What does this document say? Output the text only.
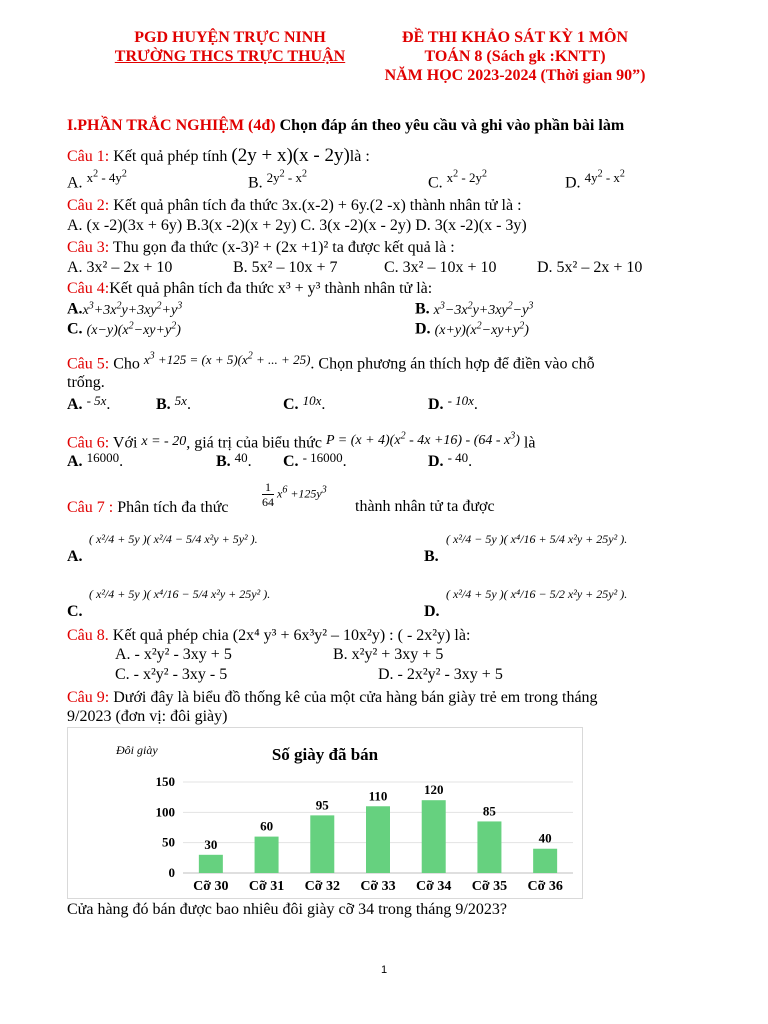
PGD HUYỆN TRỰC NINH
TRƯỜNG THCS TRỰC THUẬN
ĐỀ THI KHẢO SÁT KỲ 1 MÔN
TOÁN 8 (Sách gk :KNTT)
NĂM HỌC 2023-2024 (Thời gian 90”)
I.PHẦN TRẮC NGHIỆM (4đ) Chọn đáp án theo yêu cầu và ghi vào phần bài làm
Câu 1: Kết quả phép tính (2y + x)(x - 2y)là :
A. $^{x^2 - 4y^2}$	B. $^{2y^2 - x^2}$	C. $^{x^2 - 2y^2}$	D. $^{4y^2 - x^2}$
Câu 2: Kết quả phân tích đa thức 3x.(x-2) + 6y.(2 -x) thành nhân tử là :
A. (x -2)(3x + 6y) B.3(x -2)(x + 2y) C. 3(x -2)(x - 2y) D. 3(x -2)(x - 3y)
Câu 3: Thu gọn đa thức (x-3)² + (2x +1)² ta được kết quả là :
A. 3x² – 2x + 10	B. 5x² – 10x + 7	C. 3x² – 10x + 10	D. 5x² – 2x + 10
Câu 4:Kết quả phân tích đa thức x³ + y³ thành nhân tử là:
$A.x^3+3x^2y+3xy^2+y^3$	B. $x^3-3x^2y+3xy^2-y^3$
C. $(x-y)(x^2-xy+y^2)$	D. $(x+y)(x^2-xy+y^2)$
Câu 5: Cho $^{x^3 +125 = (x + 5)(x^2 + ... + 25)}$. Chọn phương án thích hợp để điền vào chỗ
trống.
A. $^{- 5x}$.	B. $^{5x}$.	C. $^{10x}$.	D. $^{- 10x}$.
Câu 6: Với x = - 20, giá trị của biểu thức $P = (x + 4)(x^2 - 4x +16) - (64 - x^3)$ là
A. $^{16000}$.	B. $^{40}$. C. $^{- 16000}$.	D. $^{- 40}$.
Câu 7 : Phân tích đa thức	$\frac{1}{64} x^6 +125y^3$
thành nhân tử ta được
A.
( x²/4 + 5y )( x²/4 − 5/4 x²y + 5y² ).
B.
( x²/4 − 5y )( x⁴/16 + 5/4 x²y + 25y² ).
C.
( x²/4 + 5y )( x⁴/16 − 5/4 x²y + 25y² ).
D.
( x²/4 + 5y )( x⁴/16 − 5/2 x²y + 25y² ).
Câu 8. Kết quả phép chia (2x⁴ y³ + 6x³y² – 10x²y) : ( - 2x²y) là:
A. - x²y² - 3xy + 5	B. x²y² + 3xy + 5
C. - x²y² - 3xy - 5	D. - 2x²y² - 3xy + 5
Câu 9: Dưới đây là biểu đồ thống kê của một cửa hàng bán giày trẻ em trong tháng
9/2023 (đơn vị: đôi giày)
Đôi giày	Số giày đã bán
0
50
100
150
30
60
95
110	120
85
40
Cỡ 30 Cỡ 31 Cỡ 32 Cỡ 33 Cỡ 34 Cỡ 35 Cỡ 36
Cửa hàng đó bán được bao nhiêu đôi giày cỡ 34 trong tháng 9/2023?
1
